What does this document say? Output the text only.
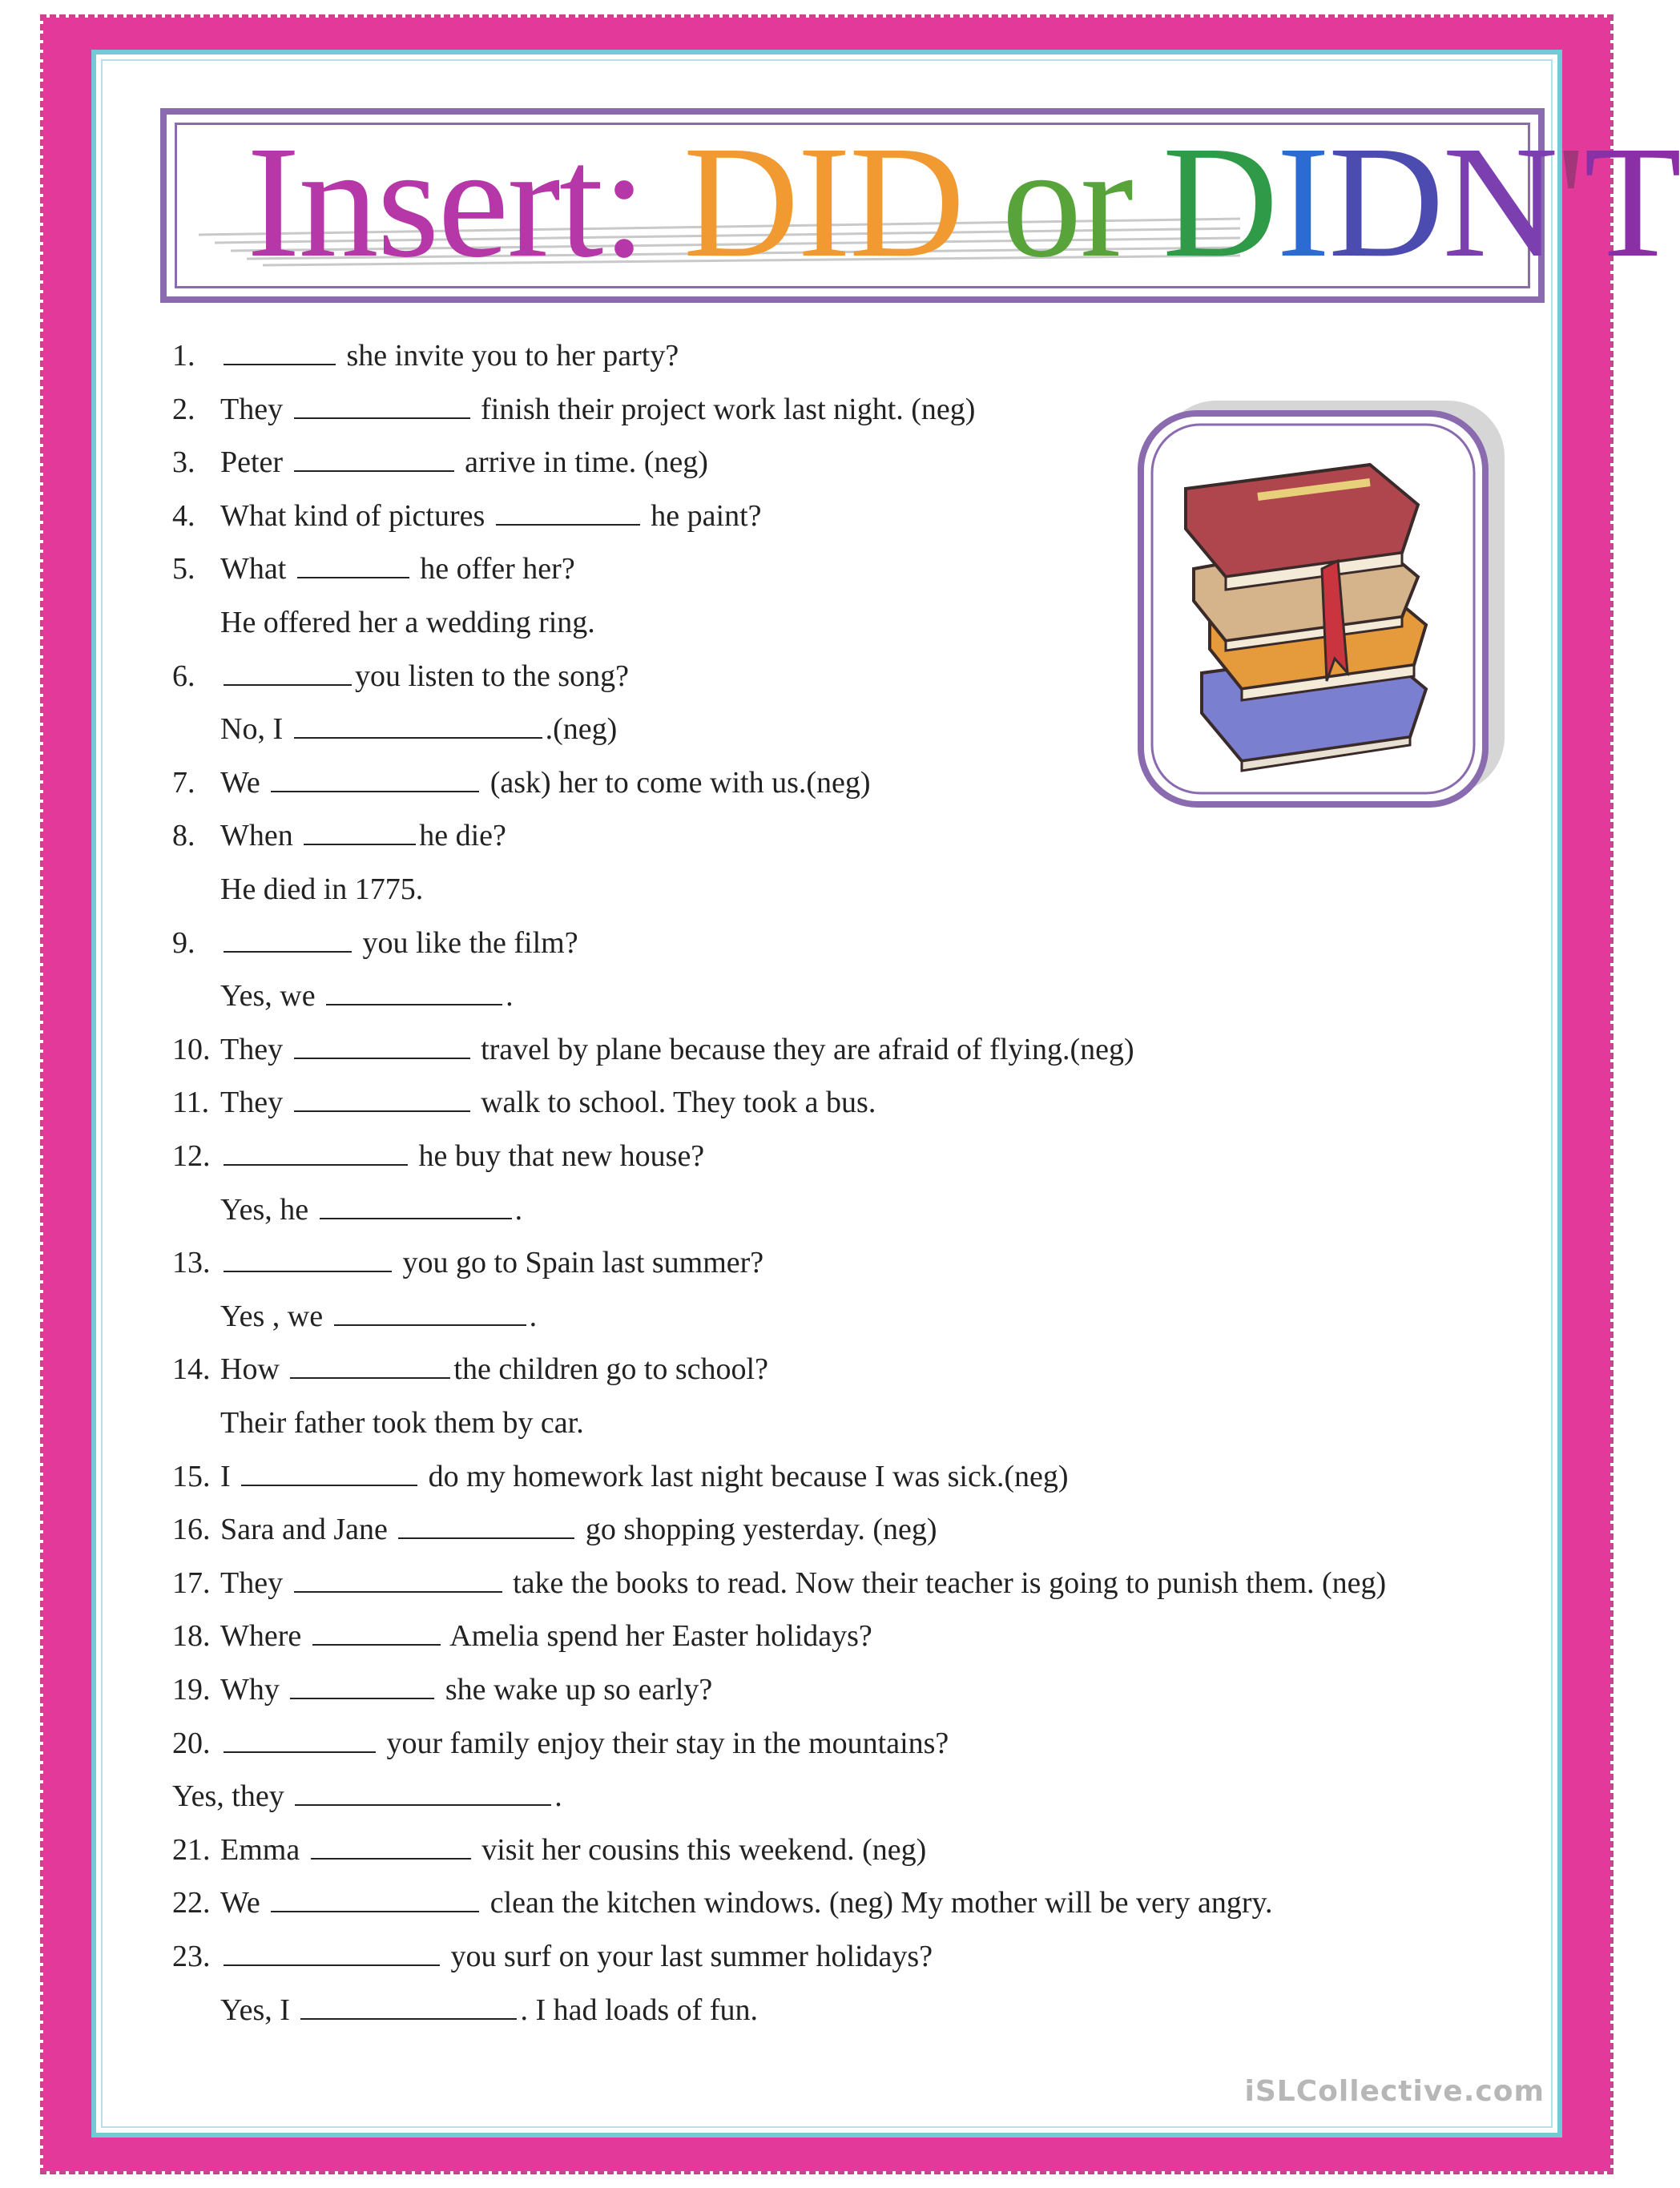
Insert: DID or DIDN'T
1.	she invite you to her party?
2. They	finish their project work last night. (neg)
3. Peter	arrive in time. (neg)
4. What kind of pictures	he paint?
5. What	he offer her?
He offered her a wedding ring.
6.	you listen to the song?
No, I	.(neg)
7. We	(ask) her to come with us.(neg)
8. When	he die?
He died in 1775.
9.	you like the film?
Yes, we	.
10. They	travel by plane because they are afraid of flying.(neg)
11. They	walk to school. They took a bus.
12.	he buy that new house?
Yes, he	.
13.	you go to Spain last summer?
Yes , we	.
14. How	the children go to school?
Their father took them by car.
15. I	do my homework last night because I was sick.(neg)
16. Sara and Jane	go shopping yesterday. (neg)
17. They	take the books to read. Now their teacher is going to punish them. (neg)
18. Where	Amelia spend her Easter holidays?
19. Why	she wake up so early?
20.	your family enjoy their stay in the mountains?
Yes, they	.
21. Emma	visit her cousins this weekend. (neg)
22. We	clean the kitchen windows. (neg) My mother will be very angry.
23.	you surf on your last summer holidays?
Yes, I	. I had loads of fun.
iSLCollective.com
